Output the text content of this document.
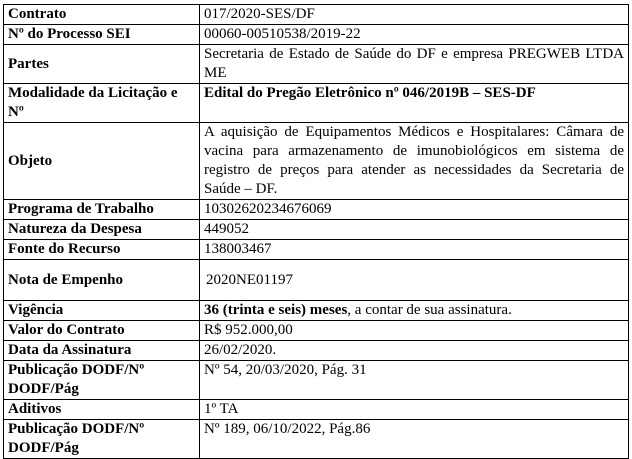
Contrato	017/2020-SES/DF
Nº do Processo SEI	00060-00510538/2019-22
Partes	Secretaria de Estado de Saúde do DF e empresa PREGWEB LTDA ME
Modalidade da Licitação e Nº	Edital do Pregão Eletrônico nº 046/2019B – SES-DF
Objeto	A aquisição de Equipamentos Médicos e Hospitalares: Câmara de vacina para armazenamento de imunobiológicos em sistema de registro de preços para atender as necessidades da Secretaria de Saúde – DF.
Programa de Trabalho	10302620234676069
Natureza da Despesa	449052
Fonte do Recurso	138003467
Nota de Empenho	2020NE01197
Vigência	36 (trinta e seis) meses, a contar de sua assinatura.
Valor do Contrato	R$ 952.000,00
Data da Assinatura	26/02/2020.
Publicação DODF/Nº DODF/Pág	Nº 54, 20/03/2020, Pág. 31
Aditivos	1º TA
Publicação DODF/Nº DODF/Pág	Nº 189, 06/10/2022, Pág.86
